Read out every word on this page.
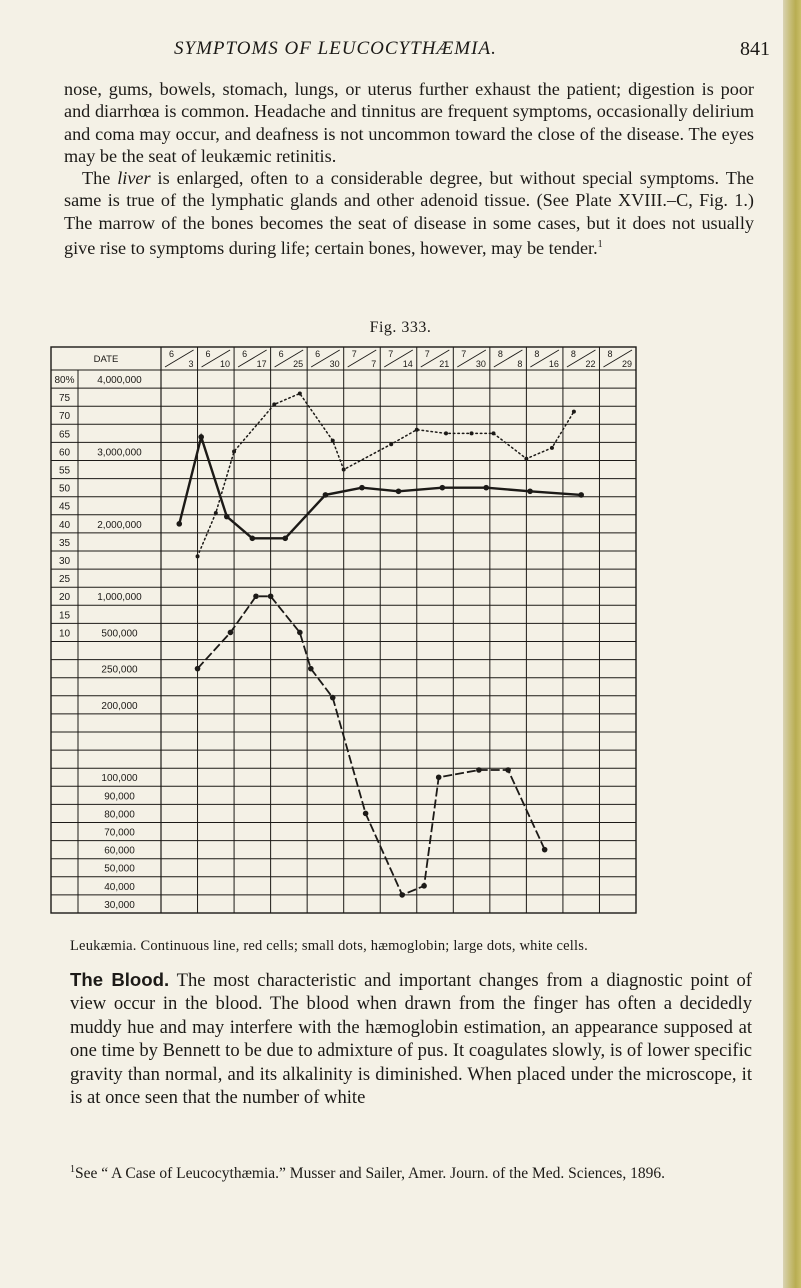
SYMPTOMS OF LEUCOCYTHÆMIA.	841

nose, gums, bowels, stomach, lungs, or uterus further exhaust the patient; digestion is poor and diarrhœa is common. Headache and tinnitus are frequent symptoms, occasionally delirium and coma may occur, and deafness is not uncommon toward the close of the disease. The eyes may be the seat of leukæmic retinitis.

The liver is enlarged, often to a considerable degree, but without special symptoms. The same is true of the lymphatic glands and other adenoid tissue. (See Plate XVIII.–C, Fig. 1.) The marrow of the bones becomes the seat of disease in some cases, but it does not usually give rise to symptoms during life; certain bones, however, may be tender.$^1$

Fig. 333.
DATE	6
3
6
10
6
17
6
25
6
30
7
7
7
14
7
21
7
30
8
8
8
16
8
22
8
29
80%
75
70
65
60
55
50
45
40
35
30
25
20
15
10
4,000,000
3,000,000
2,000,000
1,000,000
500,000
250,000
200,000
100,000
90,000
80,000
70,000
60,000
50,000
40,000
30,000
Leukæmia. Continuous line, red cells; small dots, hæmoglobin; large dots, white cells.

The Blood. The most characteristic and important changes from a diagnostic point of view occur in the blood. The blood when drawn from the finger has often a decidedly muddy hue and may interfere with the hæmoglobin estimation, an appearance supposed at one time by Bennett to be due to admixture of pus. It coagulates slowly, is of lower specific gravity than normal, and its alkalinity is diminished. When placed under the microscope, it is at once seen that the number of white

$^1$See “ A Case of Leucocythæmia.” Musser and Sailer, Amer. Journ. of the Med. Sciences, 1896.
